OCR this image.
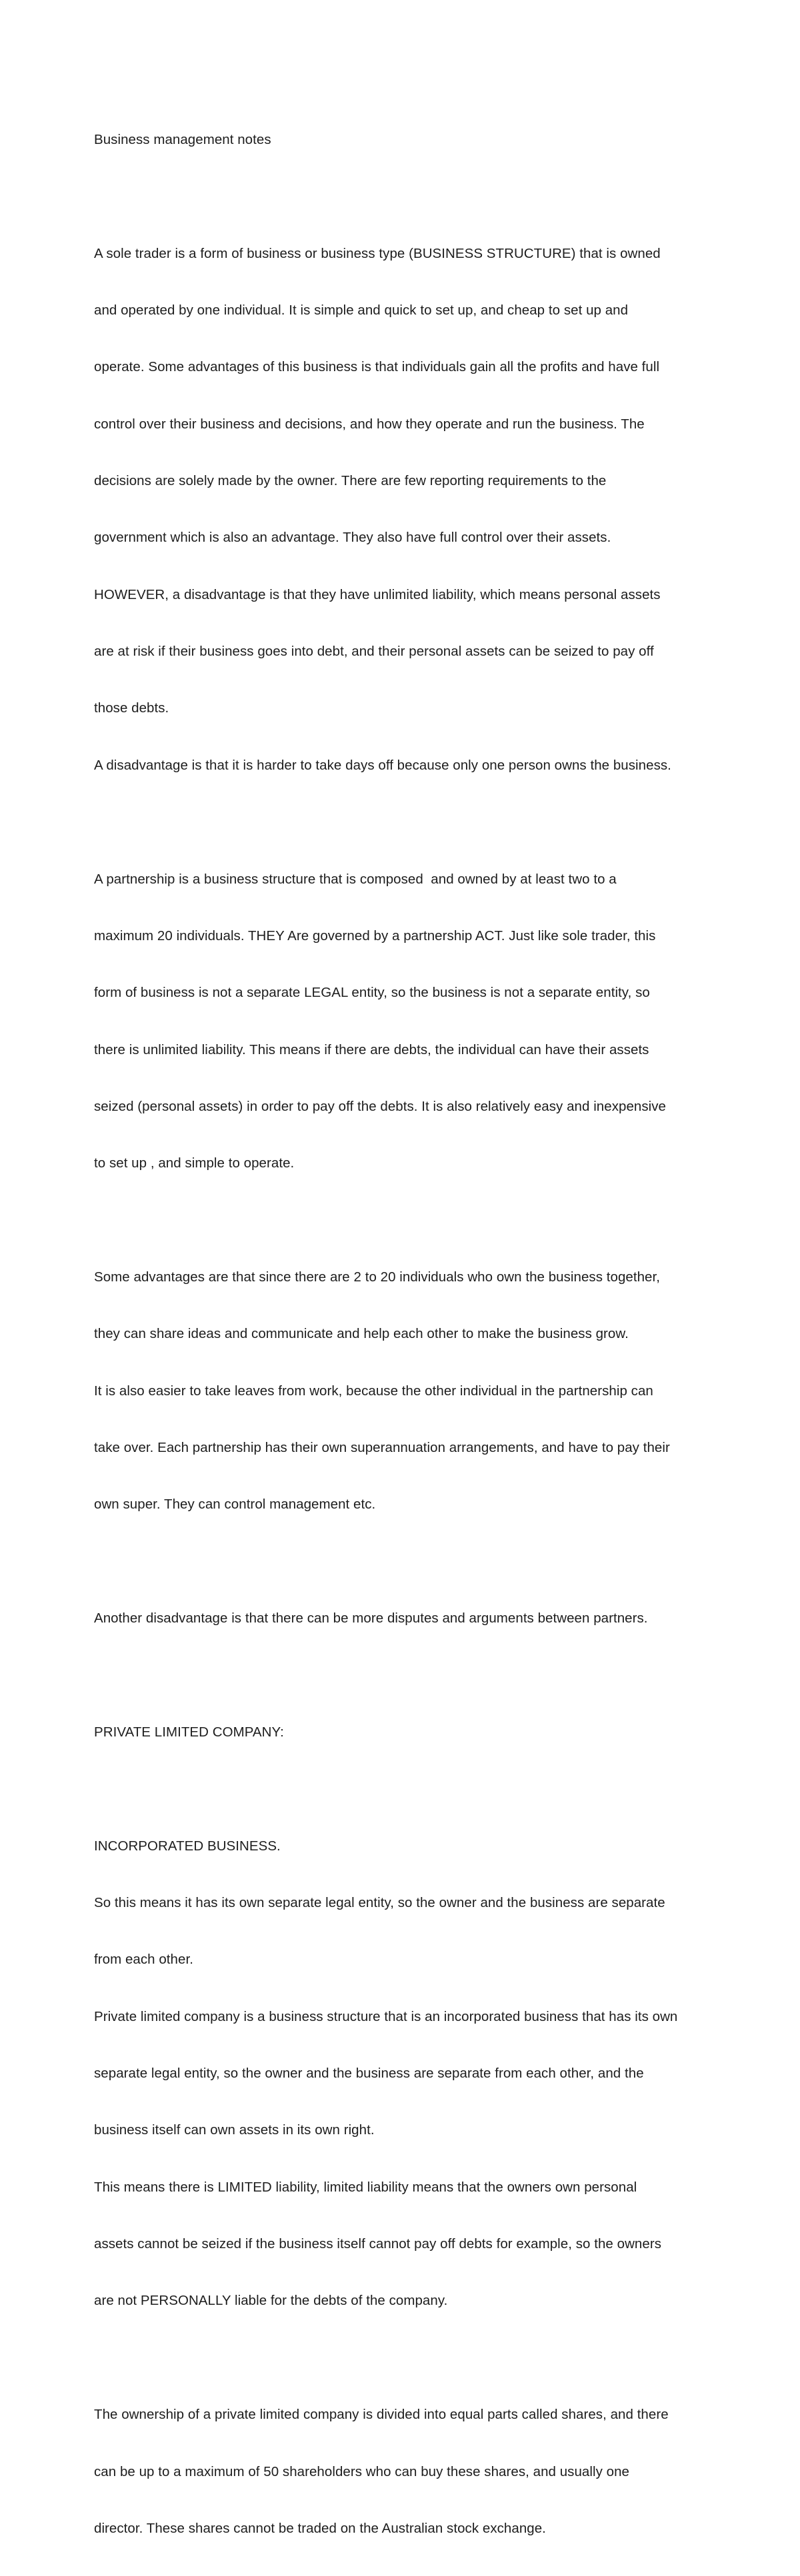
Business management notes

A sole trader is a form of business or business type (BUSINESS STRUCTURE) that is owned

and operated by one individual. It is simple and quick to set up, and cheap to set up and

operate. Some advantages of this business is that individuals gain all the profits and have full

control over their business and decisions, and how they operate and run the business. The

decisions are solely made by the owner. There are few reporting requirements to the

government which is also an advantage. They also have full control over their assets.

HOWEVER, a disadvantage is that they have unlimited liability, which means personal assets

are at risk if their business goes into debt, and their personal assets can be seized to pay off

those debts.

A disadvantage is that it is harder to take days off because only one person owns the business.

A partnership is a business structure that is composed  and owned by at least two to a

maximum 20 individuals. THEY Are governed by a partnership ACT. Just like sole trader, this

form of business is not a separate LEGAL entity, so the business is not a separate entity, so

there is unlimited liability. This means if there are debts, the individual can have their assets

seized (personal assets) in order to pay off the debts. It is also relatively easy and inexpensive

to set up , and simple to operate.

Some advantages are that since there are 2 to 20 individuals who own the business together,

they can share ideas and communicate and help each other to make the business grow.

It is also easier to take leaves from work, because the other individual in the partnership can

take over. Each partnership has their own superannuation arrangements, and have to pay their

own super. They can control management etc.

Another disadvantage is that there can be more disputes and arguments between partners.

PRIVATE LIMITED COMPANY:

INCORPORATED BUSINESS.

So this means it has its own separate legal entity, so the owner and the business are separate

from each other.

Private limited company is a business structure that is an incorporated business that has its own

separate legal entity, so the owner and the business are separate from each other, and the

business itself can own assets in its own right.

This means there is LIMITED liability, limited liability means that the owners own personal

assets cannot be seized if the business itself cannot pay off debts for example, so the owners

are not PERSONALLY liable for the debts of the company.

The ownership of a private limited company is divided into equal parts called shares, and there

can be up to a maximum of 50 shareholders who can buy these shares, and usually one

director. These shares cannot be traded on the Australian stock exchange.
